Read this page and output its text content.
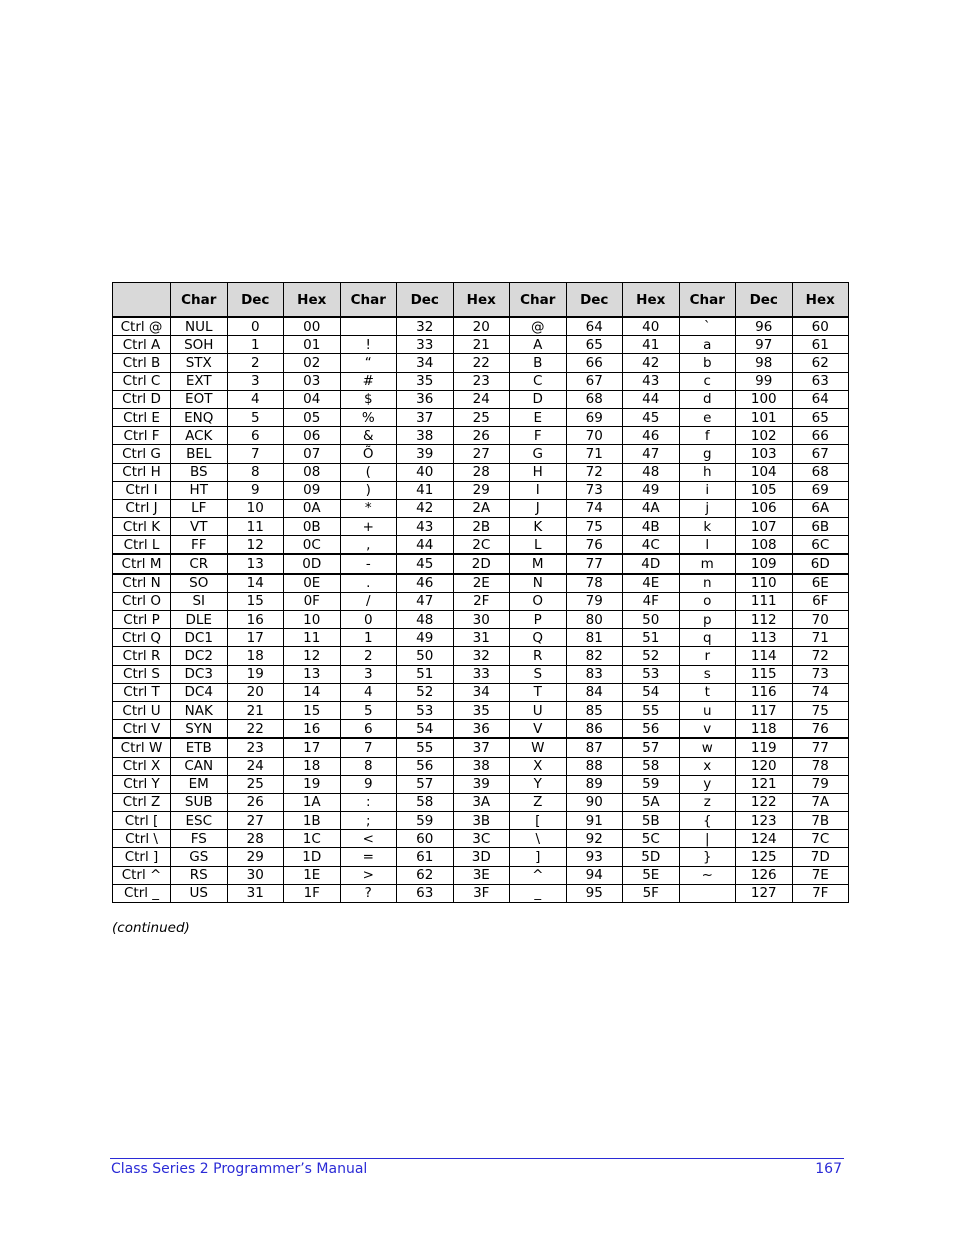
	Char	Dec	Hex	Char	Dec	Hex	Char	Dec	Hex	Char	Dec	Hex
Ctrl @	NUL	0	00		32	20	@	64	40	`	96	60
Ctrl A	SOH	1	01	!	33	21	A	65	41	a	97	61
Ctrl B	STX	2	02	“	34	22	B	66	42	b	98	62
Ctrl C	EXT	3	03	#	35	23	C	67	43	c	99	63
Ctrl D	EOT	4	04	$	36	24	D	68	44	d	100	64
Ctrl E	ENQ	5	05	%	37	25	E	69	45	e	101	65
Ctrl F	ACK	6	06	&	38	26	F	70	46	f	102	66
Ctrl G	BEL	7	07	Õ	39	27	G	71	47	g	103	67
Ctrl H	BS	8	08	(	40	28	H	72	48	h	104	68
Ctrl I	HT	9	09	)	41	29	I	73	49	i	105	69
Ctrl J	LF	10	0A	*	42	2A	J	74	4A	j	106	6A
Ctrl K	VT	11	0B	+	43	2B	K	75	4B	k	107	6B
Ctrl L	FF	12	0C	,	44	2C	L	76	4C	l	108	6C
Ctrl M	CR	13	0D	-	45	2D	M	77	4D	m	109	6D
Ctrl N	SO	14	0E	.	46	2E	N	78	4E	n	110	6E
Ctrl O	SI	15	0F	/	47	2F	O	79	4F	o	111	6F
Ctrl P	DLE	16	10	0	48	30	P	80	50	p	112	70
Ctrl Q	DC1	17	11	1	49	31	Q	81	51	q	113	71
Ctrl R	DC2	18	12	2	50	32	R	82	52	r	114	72
Ctrl S	DC3	19	13	3	51	33	S	83	53	s	115	73
Ctrl T	DC4	20	14	4	52	34	T	84	54	t	116	74
Ctrl U	NAK	21	15	5	53	35	U	85	55	u	117	75
Ctrl V	SYN	22	16	6	54	36	V	86	56	v	118	76
Ctrl W	ETB	23	17	7	55	37	W	87	57	w	119	77
Ctrl X	CAN	24	18	8	56	38	X	88	58	x	120	78
Ctrl Y	EM	25	19	9	57	39	Y	89	59	y	121	79
Ctrl Z	SUB	26	1A	:	58	3A	Z	90	5A	z	122	7A
Ctrl [	ESC	27	1B	;	59	3B	[	91	5B	{	123	7B
Ctrl \	FS	28	1C	<	60	3C	\	92	5C	|	124	7C
Ctrl ]	GS	29	1D	=	61	3D	]	93	5D	}	125	7D
Ctrl ^	RS	30	1E	>	62	3E	^	94	5E	~	126	7E
Ctrl _	US	31	1F	?	63	3F	_	95	5F		127	7F
(continued)
Class Series 2 Programmer’s Manual	167
